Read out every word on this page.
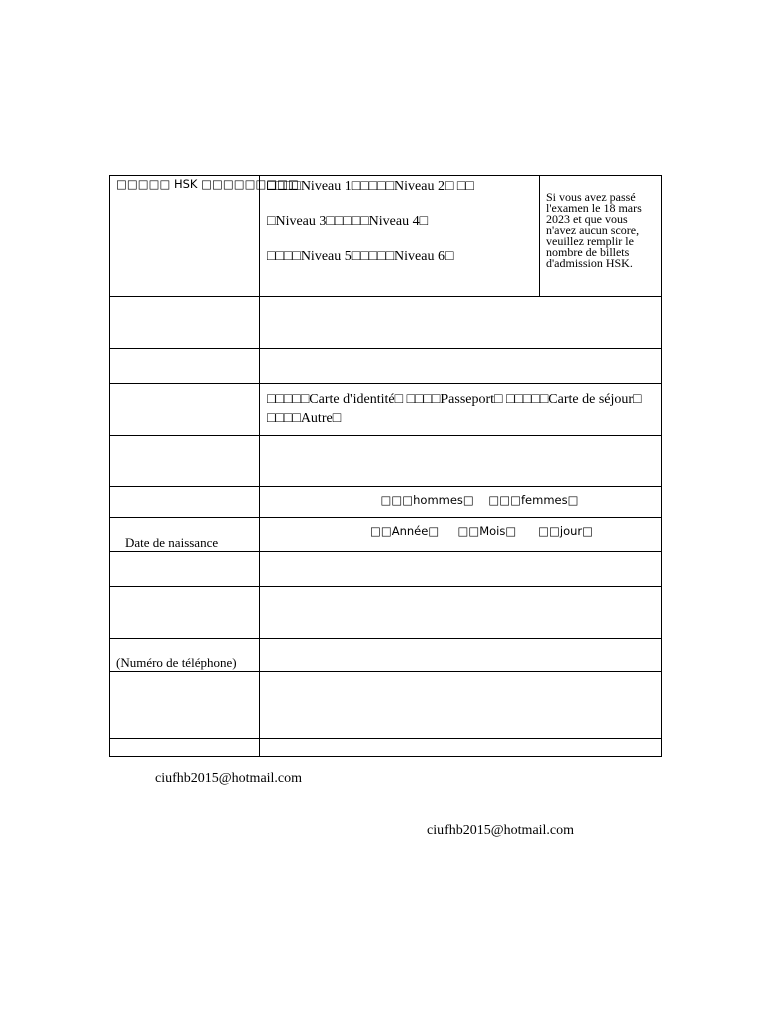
□□□□□ HSK □□□□□□□□□	□□□□Niveau 1□□□□□Niveau 2□ □□

□Niveau 3□□□□□Niveau 4□

□□□□Niveau 5□□□□□Niveau 6□	Si vous avez passé l'examen le 18 mars 2023 et que vous n'avez aucun score, veuillez remplir le nombre de billets d'admission HSK.

	□□□□□Carte d'identité□ □□□□Passeport□ □□□□□Carte de séjour□ □□□□Autre□	

	□□□hommes□    □□□femmes□	

Date de naissance	□□Année□     □□Mois□      □□jour□	

(Numéro de téléphone)		

ciufhb2015@hotmail.com
ciufhb2015@hotmail.com
